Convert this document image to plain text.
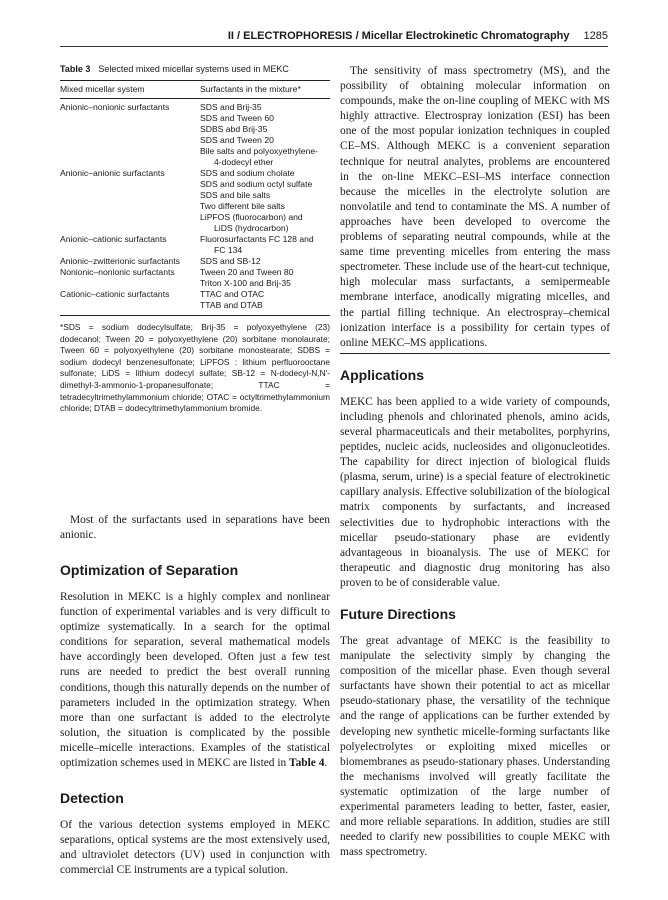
II / ELECTROPHORESIS / Micellar Electrokinetic Chromatography 1285
Table 3 Selected mixed micellar systems used in MEKC
Mixed micellar system	Surfactants in the mixture*
Anionic–nonionic surfactants	SDS and Brij-35
	SDS and Tween 60
	SDBS abd Brij-35
	SDS and Tween 20
	Bile salts and polyoxyethylene-

	4-dodecyl ether

Anionic–anionic surfactants	SDS and sodium cholate
	SDS and sodium octyl sulfate
	SDS and bile salts
	Two different bile salts
	LiPFOS (fluorocarbon) and

	LiDS (hydrocarbon)

Anionic–cationic surfactants	Fluorosurfactants FC 128 and

	FC 134

Anionic–zwitterionic surfactants	SDS and SB-12
Nonionic–nonionic surfactants	Tween 20 and Tween 80
	Triton X-100 and Brij-35
Cationic–cationic surfactants	TTAC and OTAC
	TTAB and DTAB
*SDS = sodium dodecylsulfate; Brij-35 = polyoxyethylene (23) dodecanol; Tween 20 = polyoxyethylene (20) sorbitane monolaurate; Tween 60 = polyoxyethylene (20) sorbitane monostearate; SDBS = sodium dodecyl benzenesulfonate; LiPFOS : lithium perfluorooctane sulfonate; LiDS = lithium dodecyl sulfate; SB-12 = N-dodecyl-N,N′-dimethyl-3-ammonio-1-propanesulfonate; TTAC = tetradecyltrimethylammonium chloride; OTAC = octyltrimethylammonium chloride; DTAB = dodecyltrimethylammonium bromide.

Most of the surfactants used in separations have been anionic.

Optimization of Separation

Resolution in MEKC is a highly complex and nonlinear function of experimental variables and is very difficult to optimize systematically. In a search for the optimal conditions for separation, several mathematical models have accordingly been developed. Often just a few test runs are needed to predict the best overall running conditions, though this naturally depends on the number of parameters included in the optimization strategy. When more than one surfactant is added to the electrolyte solution, the situation is complicated by the possible micelle–micelle interactions. Examples of the statistical optimization schemes used in MEKC are listed in Table 4.

Detection

Of the various detection systems employed in MEKC separations, optical systems are the most extensively used, and ultraviolet detectors (UV) used in conjunction with commercial CE instruments are a typical solution.

The sensitivity of mass spectrometry (MS), and the possibility of obtaining molecular information on compounds, make the on-line coupling of MEKC with MS highly attractive. Electrospray ionization (ESI) has been one of the most popular ionization techniques in coupled CE–MS. Although MEKC is a convenient separation technique for neutral analytes, problems are encountered in the on-line MEKC–ESI–MS interface connection because the micelles in the electrolyte solution are nonvolatile and tend to contaminate the MS. A number of approaches have been developed to overcome the problems of separating neutral compounds, while at the same time preventing micelles from entering the mass spectrometer. These include use of the heart-cut technique, high molecular mass surfactants, a semipermeable membrane interface, anodically migrating micelles, and the partial filling technique. An electrospray–chemical ionization interface is a possibility for certain types of online MEKC–MS applications.

Applications

MEKC has been applied to a wide variety of compounds, including phenols and chlorinated phenols, amino acids, several pharmaceuticals and their metabolites, porphyrins, peptides, nucleic acids, nucleosides and oligonucleotides. The capability for direct injection of biological fluids (plasma, serum, urine) is a special feature of electrokinetic capillary analysis. Effective solubilization of the biological matrix components by surfactants, and increased selectivities due to hydrophobic interactions with the micellar pseudo-stationary phase are evidently advantageous in bioanalysis. The use of MEKC for therapeutic and diagnostic drug monitoring has also proven to be of considerable value.

Future Directions

The great advantage of MEKC is the feasibility to manipulate the selectivity simply by changing the composition of the micellar phase. Even though several surfactants have shown their potential to act as micellar pseudo-stationary phase, the versatility of the technique and the range of applications can be further extended by developing new synthetic micelle-forming surfactants like polyelectrolytes or exploiting mixed micelles or biomembranes as pseudo-stationary phases. Understanding the mechanisms involved will greatly facilitate the systematic optimization of the large number of experimental parameters leading to better, faster, easier, and more reliable separations. In addition, studies are still needed to clarify new possibilities to couple MEKC with mass spectrometry.
